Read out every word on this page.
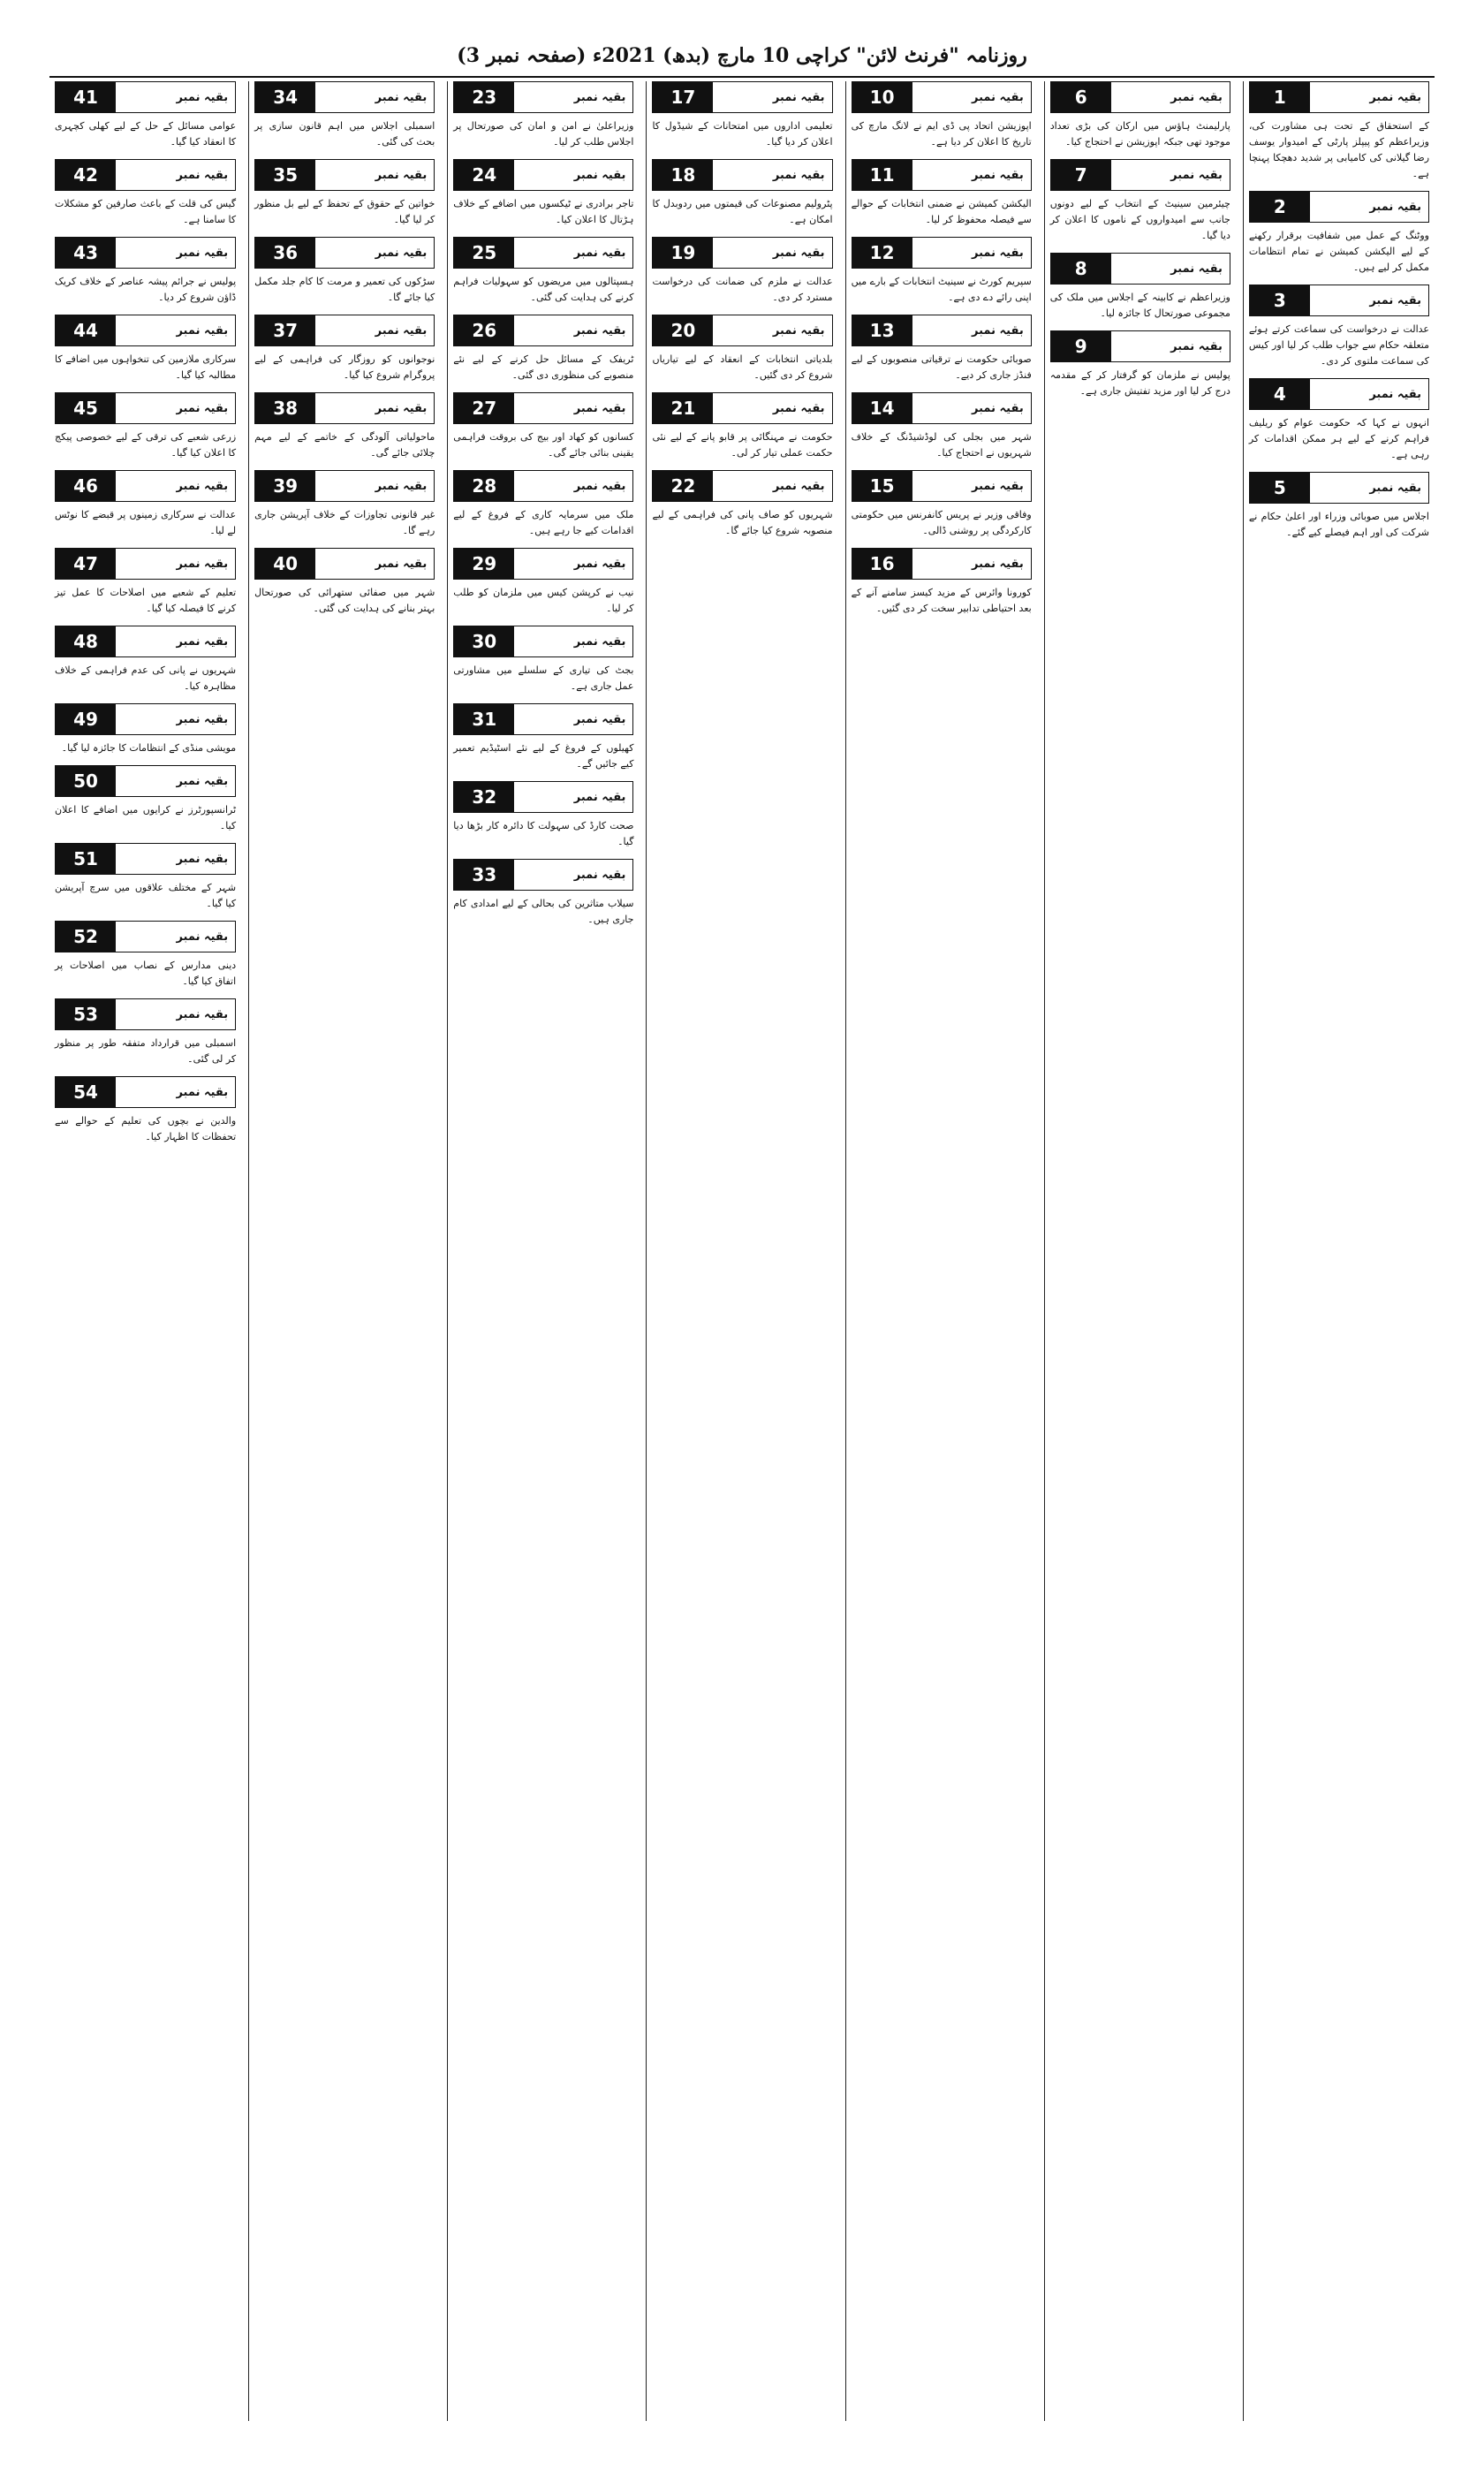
روزنامہ "فرنٹ لائن" کراچی 10 مارچ (بدھ) 2021ء (صفحہ نمبر 3)
بقیہ نمبر
1
کے استحقاق کے تحت ہی مشاورت کی، وزیراعظم کو پیپلز پارٹی کے امیدوار یوسف رضا گیلانی کی کامیابی پر شدید دھچکا پہنچا ہے۔
بقیہ نمبر
2
ووٹنگ کے عمل میں شفافیت برقرار رکھنے کے لیے الیکشن کمیشن نے تمام انتظامات مکمل کر لیے ہیں۔
بقیہ نمبر
3
عدالت نے درخواست کی سماعت کرتے ہوئے متعلقہ حکام سے جواب طلب کر لیا اور کیس کی سماعت ملتوی کر دی۔
بقیہ نمبر
4
انہوں نے کہا کہ حکومت عوام کو ریلیف فراہم کرنے کے لیے ہر ممکن اقدامات کر رہی ہے۔
بقیہ نمبر
5
اجلاس میں صوبائی وزراء اور اعلیٰ حکام نے شرکت کی اور اہم فیصلے کیے گئے۔
بقیہ نمبر
6
پارلیمنٹ ہاؤس میں ارکان کی بڑی تعداد موجود تھی جبکہ اپوزیشن نے احتجاج کیا۔
بقیہ نمبر
7
چیئرمین سینیٹ کے انتخاب کے لیے دونوں جانب سے امیدواروں کے ناموں کا اعلان کر دیا گیا۔
بقیہ نمبر
8
وزیراعظم نے کابینہ کے اجلاس میں ملک کی مجموعی صورتحال کا جائزہ لیا۔
بقیہ نمبر
9
پولیس نے ملزمان کو گرفتار کر کے مقدمہ درج کر لیا اور مزید تفتیش جاری ہے۔
بقیہ نمبر
10
اپوزیشن اتحاد پی ڈی ایم نے لانگ مارچ کی تاریخ کا اعلان کر دیا ہے۔
بقیہ نمبر
11
الیکشن کمیشن نے ضمنی انتخابات کے حوالے سے فیصلہ محفوظ کر لیا۔
بقیہ نمبر
12
سپریم کورٹ نے سینیٹ انتخابات کے بارے میں اپنی رائے دے دی ہے۔
بقیہ نمبر
13
صوبائی حکومت نے ترقیاتی منصوبوں کے لیے فنڈز جاری کر دیے۔
بقیہ نمبر
14
شہر میں بجلی کی لوڈشیڈنگ کے خلاف شہریوں نے احتجاج کیا۔
بقیہ نمبر
15
وفاقی وزیر نے پریس کانفرنس میں حکومتی کارکردگی پر روشنی ڈالی۔
بقیہ نمبر
16
کورونا وائرس کے مزید کیسز سامنے آنے کے بعد احتیاطی تدابیر سخت کر دی گئیں۔
بقیہ نمبر
17
تعلیمی اداروں میں امتحانات کے شیڈول کا اعلان کر دیا گیا۔
بقیہ نمبر
18
پٹرولیم مصنوعات کی قیمتوں میں ردوبدل کا امکان ہے۔
بقیہ نمبر
19
عدالت نے ملزم کی ضمانت کی درخواست مسترد کر دی۔
بقیہ نمبر
20
بلدیاتی انتخابات کے انعقاد کے لیے تیاریاں شروع کر دی گئیں۔
بقیہ نمبر
21
حکومت نے مہنگائی پر قابو پانے کے لیے نئی حکمت عملی تیار کر لی۔
بقیہ نمبر
22
شہریوں کو صاف پانی کی فراہمی کے لیے منصوبہ شروع کیا جائے گا۔
بقیہ نمبر
23
وزیراعلیٰ نے امن و امان کی صورتحال پر اجلاس طلب کر لیا۔
بقیہ نمبر
24
تاجر برادری نے ٹیکسوں میں اضافے کے خلاف ہڑتال کا اعلان کیا۔
بقیہ نمبر
25
ہسپتالوں میں مریضوں کو سہولیات فراہم کرنے کی ہدایت کی گئی۔
بقیہ نمبر
26
ٹریفک کے مسائل حل کرنے کے لیے نئے منصوبے کی منظوری دی گئی۔
بقیہ نمبر
27
کسانوں کو کھاد اور بیج کی بروقت فراہمی یقینی بنائی جائے گی۔
بقیہ نمبر
28
ملک میں سرمایہ کاری کے فروغ کے لیے اقدامات کیے جا رہے ہیں۔
بقیہ نمبر
29
نیب نے کرپشن کیس میں ملزمان کو طلب کر لیا۔
بقیہ نمبر
30
بجٹ کی تیاری کے سلسلے میں مشاورتی عمل جاری ہے۔
بقیہ نمبر
31
کھیلوں کے فروغ کے لیے نئے اسٹیڈیم تعمیر کیے جائیں گے۔
بقیہ نمبر
32
صحت کارڈ کی سہولت کا دائرہ کار بڑھا دیا گیا۔
بقیہ نمبر
33
سیلاب متاثرین کی بحالی کے لیے امدادی کام جاری ہیں۔
بقیہ نمبر
34
اسمبلی اجلاس میں اہم قانون سازی پر بحث کی گئی۔
بقیہ نمبر
35
خواتین کے حقوق کے تحفظ کے لیے بل منظور کر لیا گیا۔
بقیہ نمبر
36
سڑکوں کی تعمیر و مرمت کا کام جلد مکمل کیا جائے گا۔
بقیہ نمبر
37
نوجوانوں کو روزگار کی فراہمی کے لیے پروگرام شروع کیا گیا۔
بقیہ نمبر
38
ماحولیاتی آلودگی کے خاتمے کے لیے مہم چلائی جائے گی۔
بقیہ نمبر
39
غیر قانونی تجاوزات کے خلاف آپریشن جاری رہے گا۔
بقیہ نمبر
40
شہر میں صفائی ستھرائی کی صورتحال بہتر بنانے کی ہدایت کی گئی۔
بقیہ نمبر
41
عوامی مسائل کے حل کے لیے کھلی کچہری کا انعقاد کیا گیا۔
بقیہ نمبر
42
گیس کی قلت کے باعث صارفین کو مشکلات کا سامنا ہے۔
بقیہ نمبر
43
پولیس نے جرائم پیشہ عناصر کے خلاف کریک ڈاؤن شروع کر دیا۔
بقیہ نمبر
44
سرکاری ملازمین کی تنخواہوں میں اضافے کا مطالبہ کیا گیا۔
بقیہ نمبر
45
زرعی شعبے کی ترقی کے لیے خصوصی پیکج کا اعلان کیا گیا۔
بقیہ نمبر
46
عدالت نے سرکاری زمینوں پر قبضے کا نوٹس لے لیا۔
بقیہ نمبر
47
تعلیم کے شعبے میں اصلاحات کا عمل تیز کرنے کا فیصلہ کیا گیا۔
بقیہ نمبر
48
شہریوں نے پانی کی عدم فراہمی کے خلاف مظاہرہ کیا۔
بقیہ نمبر
49
مویشی منڈی کے انتظامات کا جائزہ لیا گیا۔
بقیہ نمبر
50
ٹرانسپورٹرز نے کرایوں میں اضافے کا اعلان کیا۔
بقیہ نمبر
51
شہر کے مختلف علاقوں میں سرچ آپریشن کیا گیا۔
بقیہ نمبر
52
دینی مدارس کے نصاب میں اصلاحات پر اتفاق کیا گیا۔
بقیہ نمبر
53
اسمبلی میں قرارداد متفقہ طور پر منظور کر لی گئی۔
بقیہ نمبر
54
والدین نے بچوں کی تعلیم کے حوالے سے تحفظات کا اظہار کیا۔
